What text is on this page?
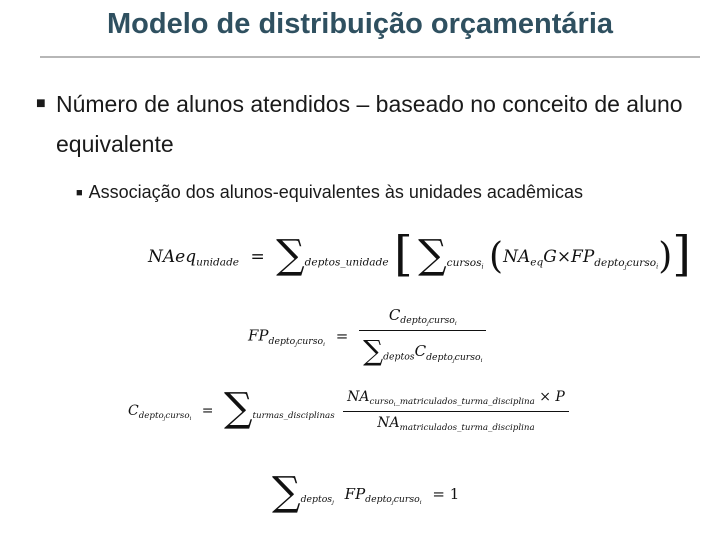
Modelo de distribuição orçamentária
■ Número de alunos atendidos – baseado no conceito de aluno equivalente
■ Associação dos alunos-equivalentes às unidades acadêmicas
NAeq$_{unidade}$ = $\sum_{deptos\_unidade}$ [ $\sum_{cursos_i}$ $(NA_{eq}G\times FP_{depto_jcurso_i})$]
$FP_{depto_jcurso_i} = \frac{C_{depto_jcurso_i}}{\sum_{deptos}C_{depto_jcurso_i}}$
$C_{depto_jcurso_i} = \sum_{turmas\_disciplinas} \frac{NA_{curso_i\_matriculados\_turma\_disciplina} \times P}{NA_{matriculados\_turma\_disciplina}}$
$\sum_{deptos_j}$ $FP_{depto_jcurso_i} = 1$
